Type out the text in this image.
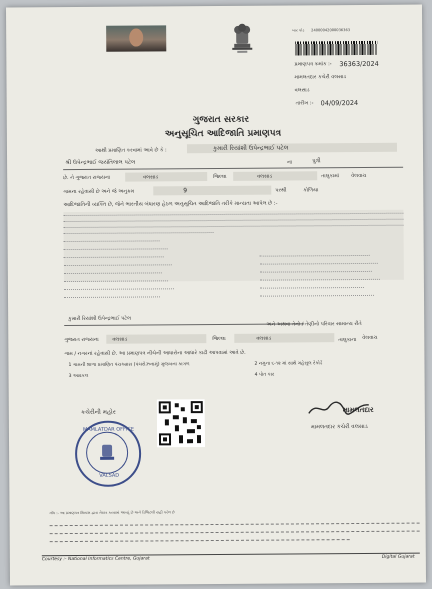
બાર કોડ 24000042000036363
પ્રમાણપત્ર ક્રમાંક :- 36363/2024
મામલતદાર કચેરી વલસાડ
વલસાડ
તારીખ :- 04/09/2024
ગુજરાત સરકાર
અનુસૂચિત આદિજાતિ પ્રમાણપત્ર
આથી પ્રમાણિત કરવામાં આવે છે કે :	કુમારી રિયાંશી ઉપેન્દ્રભાઈ પટેલ
શ્રી ઉપેન્દ્રભાઈ જયંતિલાલ પટેલ	ના	પુત્રી
છે. ને ગુજરાત રાજ્યના	વલસાડ	જિલ્લા	વલસાડ	તાલુકામાં વેલવાચ
ગામના રહેવાસી છે અને જે અનુક્રમ	9	પરથી	કોળિયા
આદિજાતિની વ્યક્તિ છે, જેને ભારતીય બંધારણ હેઠળ અનુસૂચિત આદિજાતિ તરીકે માન્યતા આપેલ છે :-
કુમારી રિયાંશી ઉપેન્દ્રભાઈ પટેલ
અને અથવા તેનો / તેણીનો પરિવાર સામાન્ય રીતે
ગુજરાત રાજ્યના	વલસાડ	જિલ્લા	વલસાડ	તાલુકાના વેલવાચ
ગામ / નગરનાં રહેવાસી છે. આ પ્રમાણપત્ર નીચેની આધારોના આધારે કાઢી આપવામાં આવે છે.
1 ગામની શાળા પ્રમાણિત પંચક્યાસ (પંચરોઝનામું) મુજબના કાગળ	2 નમુના ૬-૧૨ માં સાથે મહેસૂલ રેકોર્ડ
3 આવકલ	4 પોત કાર
કચેરીની મહોર
MAMLATDAR OFFICE
VALSAD
મામલતદાર
મામલતદાર કચેરી વલસાડ
નોંધ :- આ પ્રમાણપત્ર સિસ્ટમ દ્વારા તૈયાર કરવામાં આવ્યું છે અને ડિજિટલી સહી કરેલ છે
Courtesy :- National Informatics Centre, Gujarat	Digital Gujarat
